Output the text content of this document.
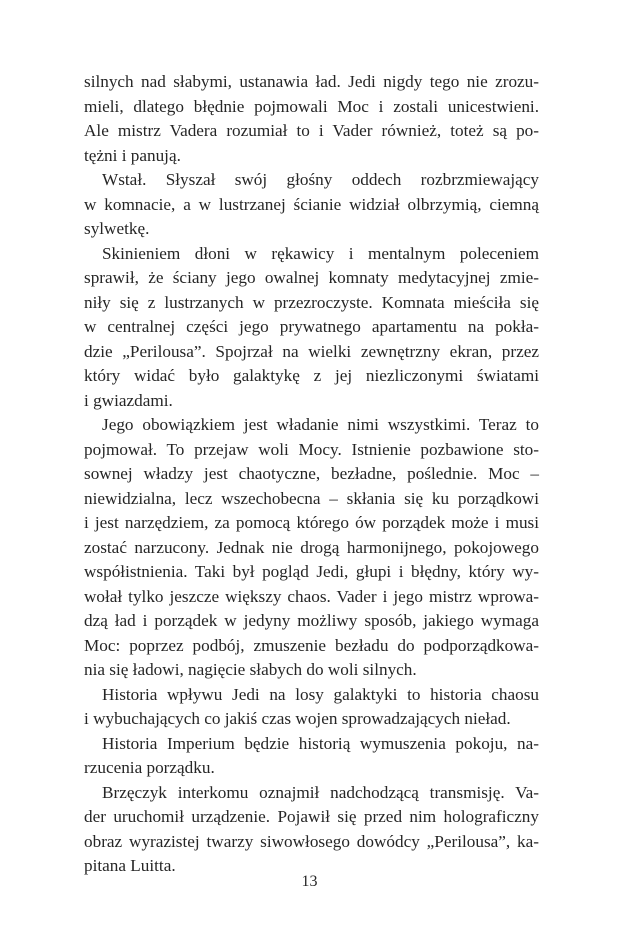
silnych nad słabymi, ustanawia ład. Jedi nigdy tego nie zrozu-
mieli, dlatego błędnie pojmowali Moc i zostali unicestwieni.
Ale mistrz Vadera rozumiał to i Vader również, toteż są po-
tężni i panują.
Wstał. Słyszał swój głośny oddech rozbrzmiewający
w komnacie, a w lustrzanej ścianie widział olbrzymią, ciemną
sylwetkę.
Skinieniem dłoni w rękawicy i mentalnym poleceniem
sprawił, że ściany jego owalnej komnaty medytacyjnej zmie-
niły się z lustrzanych w przezroczyste. Komnata mieściła się
w centralnej części jego prywatnego apartamentu na pokła-
dzie „Perilousa”. Spojrzał na wielki zewnętrzny ekran, przez
który widać było galaktykę z jej niezliczonymi światami
i gwiazdami.
Jego obowiązkiem jest władanie nimi wszystkimi. Teraz to
pojmował. To przejaw woli Mocy. Istnienie pozbawione sto-
sownej władzy jest chaotyczne, bezładne, poślednie. Moc –
niewidzialna, lecz wszechobecna – skłania się ku porządkowi
i jest narzędziem, za pomocą którego ów porządek może i musi
zostać narzucony. Jednak nie drogą harmonijnego, pokojowego
współistnienia. Taki był pogląd Jedi, głupi i błędny, który wy-
wołał tylko jeszcze większy chaos. Vader i jego mistrz wprowa-
dzą ład i porządek w jedyny możliwy sposób, jakiego wymaga
Moc: poprzez podbój, zmuszenie bezładu do podporządkowa-
nia się ładowi, nagięcie słabych do woli silnych.
Historia wpływu Jedi na losy galaktyki to historia chaosu
i wybuchających co jakiś czas wojen sprowadzających nieład.
Historia Imperium będzie historią wymuszenia pokoju, na-
rzucenia porządku.
Brzęczyk interkomu oznajmił nadchodzącą transmisję. Va-
der uruchomił urządzenie. Pojawił się przed nim holograficzny
obraz wyrazistej twarzy siwowłosego dowódcy „Perilousa”, ka-
pitana Luitta.
13
